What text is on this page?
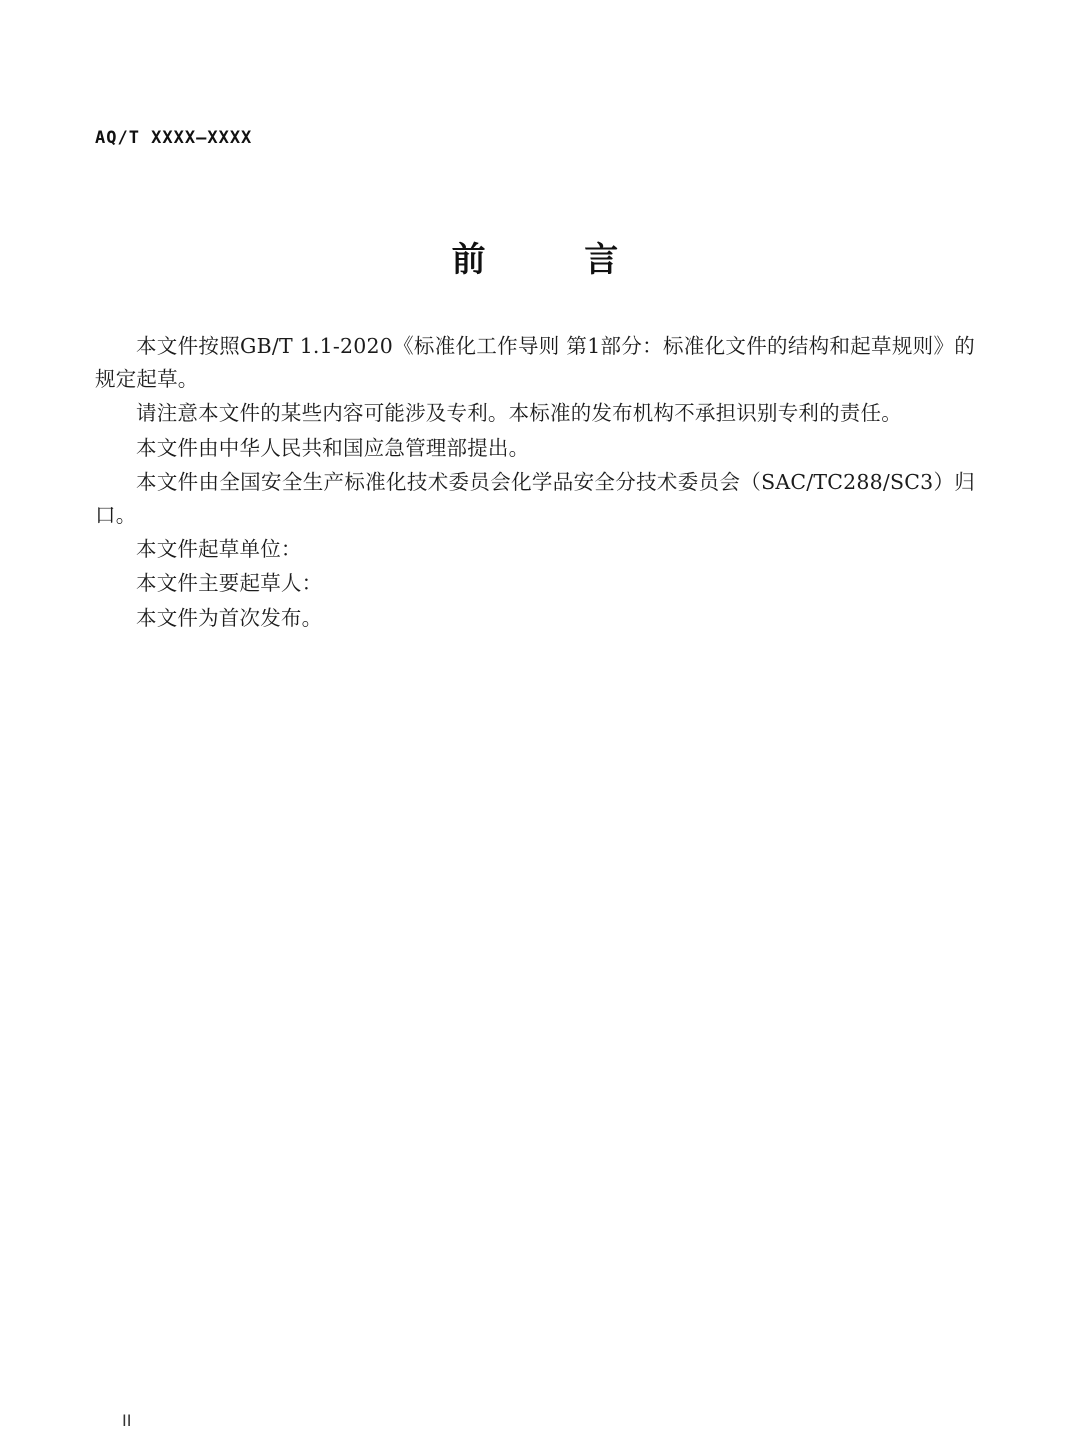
AQ/T XXXX—XXXX
前　　言

本文件按照GB/T 1.1-2020《标准化工作导则 第1部分：标准化文件的结构和起草规则》的规定起草。

请注意本文件的某些内容可能涉及专利。本标准的发布机构不承担识别专利的责任。

本文件由中华人民共和国应急管理部提出。

本文件由全国安全生产标准化技术委员会化学品安全分技术委员会（SAC/TC288/SC3）归口。

本文件起草单位：

本文件主要起草人：

本文件为首次发布。

II
